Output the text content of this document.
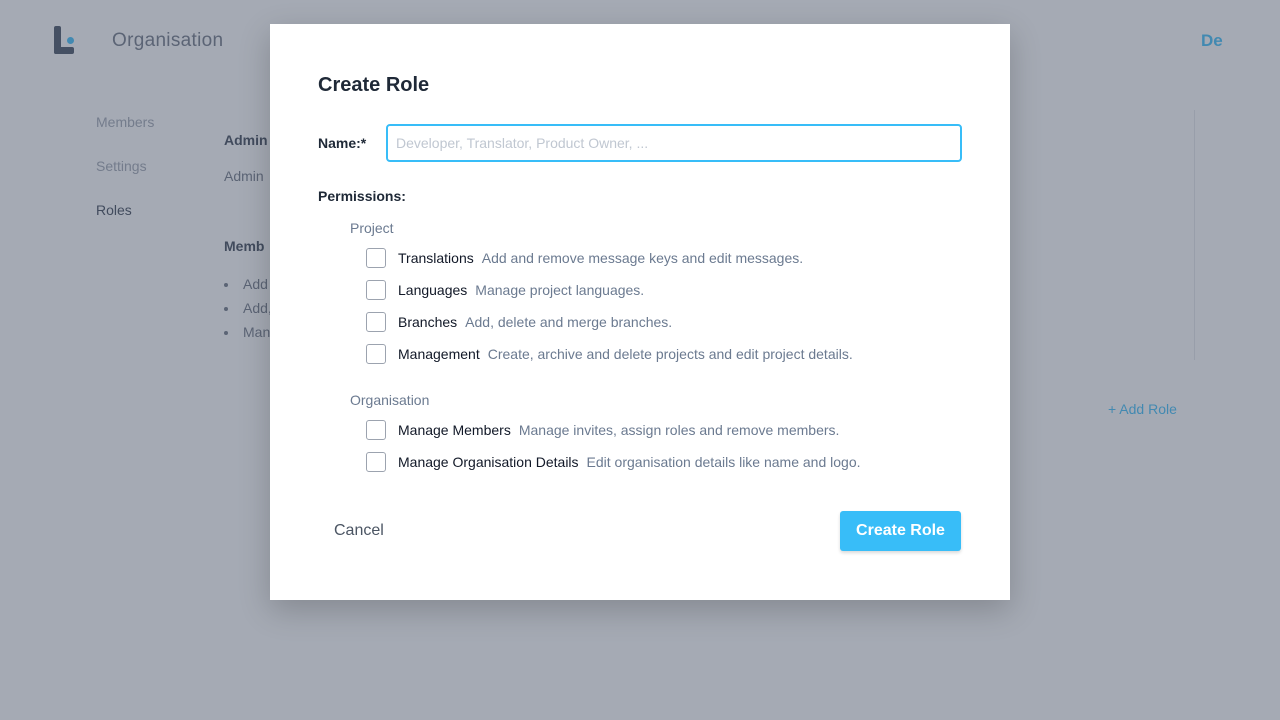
•
•
•
Create Role
Name:*
Developer, Translator, Product Owner, ...
Permissions:
Project
Translations Add and remove message keys and edit messages.
Languages Manage project languages.
Branches Add, delete and merge branches.
Management Create, archive and delete projects and edit project details.
Organisation
Manage Members Manage invites, assign roles and remove members.
Manage Organisation Details Edit organisation details like name and logo.
Cancel	Create Role
